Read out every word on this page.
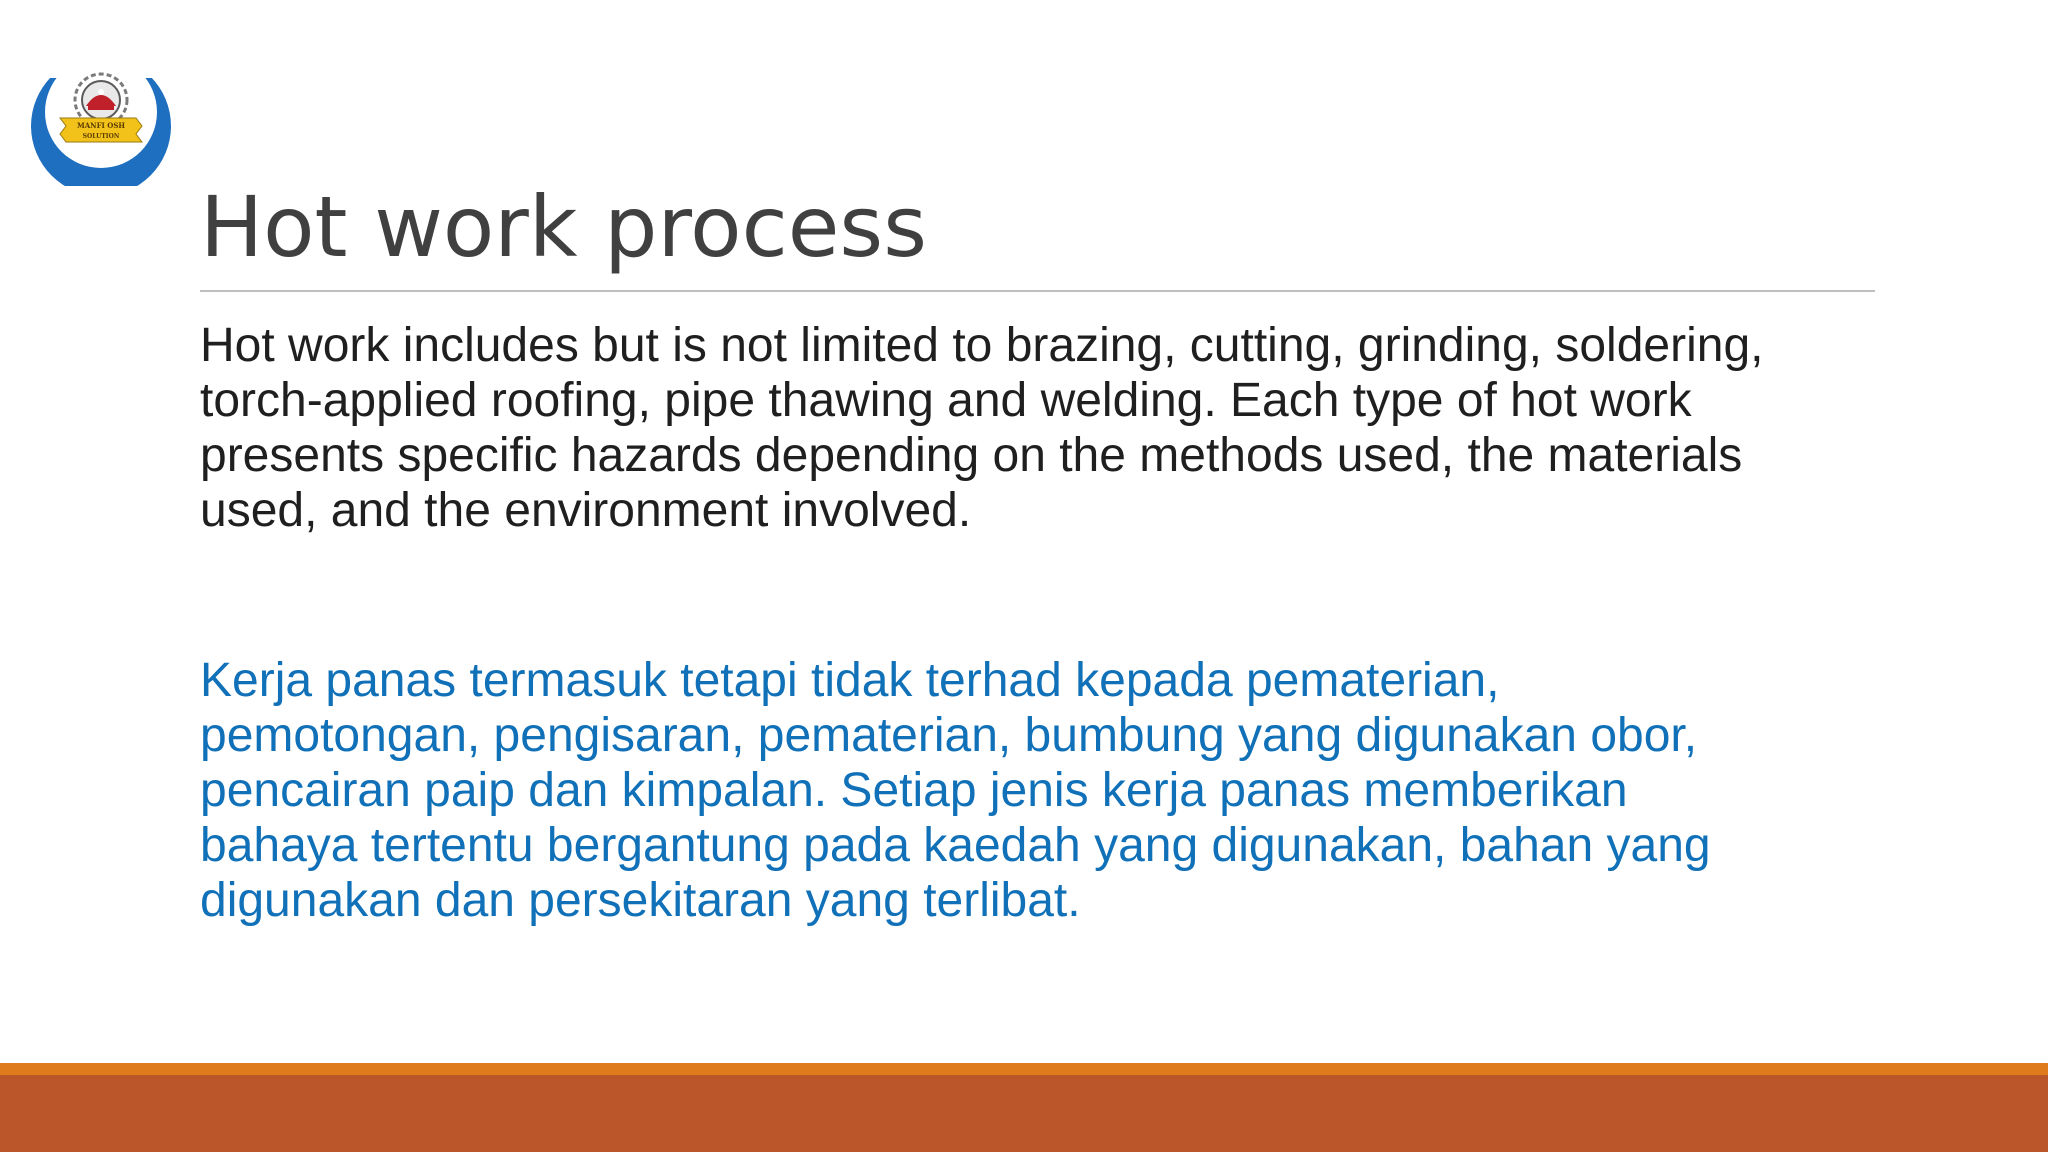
MANFI OSH
SOLUTION
Hot work process

Hot work includes but is not limited to brazing, cutting, grinding, soldering,
torch-applied roofing, pipe thawing and welding. Each type of hot work
presents specific hazards depending on the methods used, the materials
used, and the environment involved.

Kerja panas termasuk tetapi tidak terhad kepada pematerian,
pemotongan, pengisaran, pematerian, bumbung yang digunakan obor,
pencairan paip dan kimpalan. Setiap jenis kerja panas memberikan
bahaya tertentu bergantung pada kaedah yang digunakan, bahan yang
digunakan dan persekitaran yang terlibat.
